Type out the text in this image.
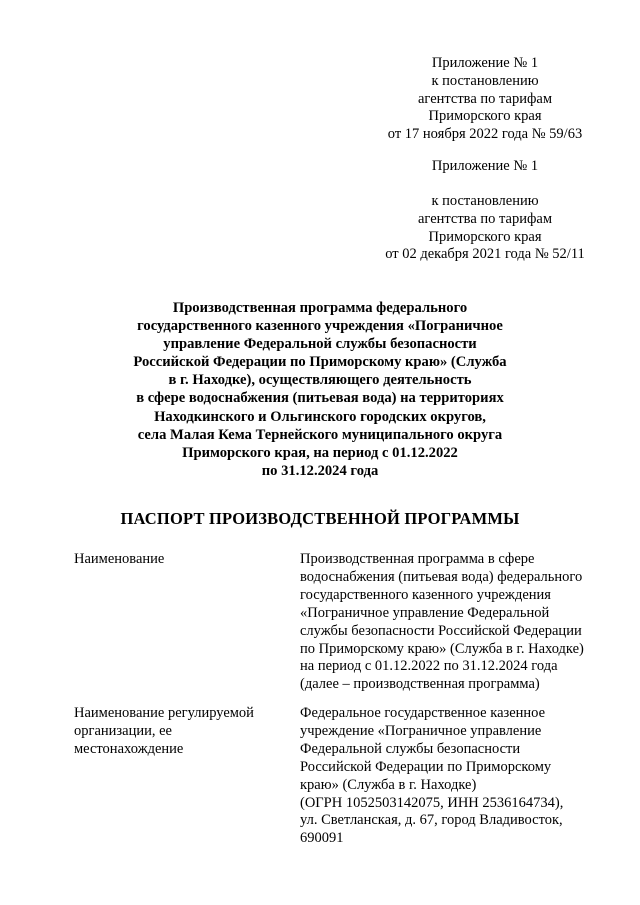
Приложение № 1
к постановлению
агентства по тарифам
Приморского края
от 17 ноября 2022 года № 59/63
Приложение № 1
к постановлению
агентства по тарифам
Приморского края
от 02 декабря 2021 года № 52/11
Производственная программа федерального
государственного казенного учреждения «Пограничное
управление Федеральной службы безопасности
Российской Федерации по Приморскому краю» (Служба
в г. Находке), осуществляющего деятельность
в сфере водоснабжения (питьевая вода) на территориях
Находкинского и Ольгинского городских округов,
села Малая Кема Тернейского муниципального округа
Приморского края, на период с 01.12.2022
по 31.12.2024 года
ПАСПОРТ ПРОИЗВОДСТВЕННОЙ ПРОГРАММЫ
Наименование	Производственная программа в сфере
водоснабжения (питьевая вода) федерального
государственного казенного учреждения
«Пограничное управление Федеральной
службы безопасности Российской Федерации
по Приморскому краю» (Служба в г. Находке)
на период с 01.12.2022 по 31.12.2024 года
(далее – производственная программа)
Наименование регулируемой
организации, ее
местонахождение
Федеральное государственное казенное
учреждение «Пограничное управление
Федеральной службы безопасности
Российской Федерации по Приморскому
краю» (Служба в г. Находке)
(ОГРН 1052503142075, ИНН 2536164734),
ул. Светланская, д. 67, город Владивосток,
690091
